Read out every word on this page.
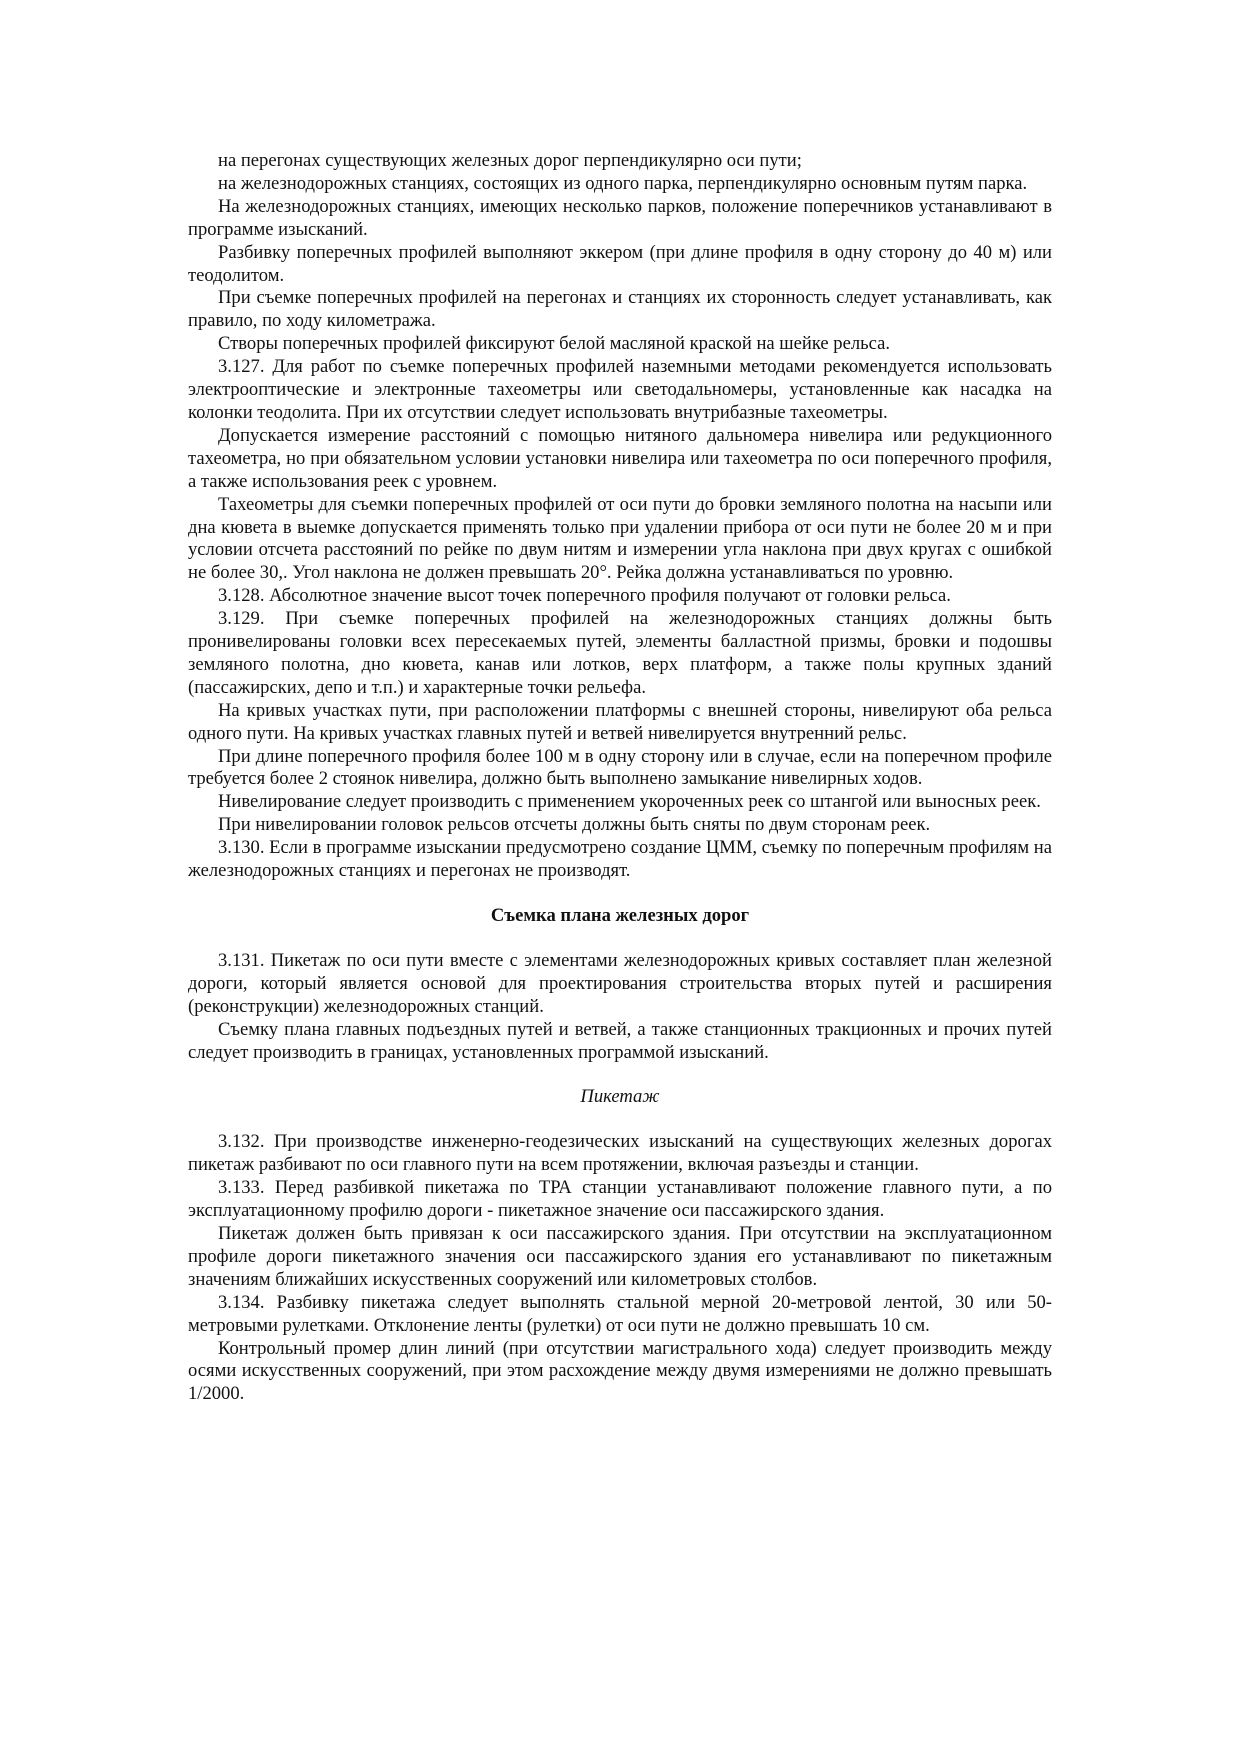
на перегонах существующих железных дорог перпендикулярно оси пути;

на железнодорожных станциях, состоящих из одного парка, перпендикулярно основным путям парка.

На железнодорожных станциях, имеющих несколько парков, положение поперечников устанавливают в программе изысканий.

Разбивку поперечных профилей выполняют эккером (при длине профиля в одну сторону до 40 м) или теодолитом.

При съемке поперечных профилей на перегонах и станциях их сторонность следует устанавливать, как правило, по ходу километража.

Створы поперечных профилей фиксируют белой масляной краской на шейке рельса.

3.127. Для работ по съемке поперечных профилей наземными методами рекомендуется использовать электрооптические и электронные тахеометры или светодальномеры, установленные как насадка на колонки теодолита. При их отсутствии следует использовать внутрибазные тахеометры.

Допускается измерение расстояний с помощью нитяного дальномера нивелира или редукционного тахеометра, но при обязательном условии установки нивелира или тахеометра по оси поперечного профиля, а также использования реек с уровнем.

Тахеометры для съемки поперечных профилей от оси пути до бровки земляного полотна на насыпи или дна кювета в выемке допускается применять только при удалении прибора от оси пути не более 20 м и при условии отсчета расстояний по рейке по двум нитям и измерении угла наклона при двух кругах с ошибкой не более 30,. Угол наклона не должен превышать 20°. Рейка должна устанавливаться по уровню.

3.128. Абсолютное значение высот точек поперечного профиля получают от головки рельса.

3.129. При съемке поперечных профилей на железнодорожных станциях должны быть пронивелированы головки всех пересекаемых путей, элементы балластной призмы, бровки и подошвы земляного полотна, дно кювета, канав или лотков, верх платформ, а также полы крупных зданий (пассажирских, депо и т.п.) и характерные точки рельефа.

На кривых участках пути, при расположении платформы с внешней стороны, нивелируют оба рельса одного пути. На кривых участках главных путей и ветвей нивелируется внутренний рельс.

При длине поперечного профиля более 100 м в одну сторону или в случае, если на поперечном профиле требуется более 2 стоянок нивелира, должно быть выполнено замыкание нивелирных ходов.

Нивелирование следует производить с применением укороченных реек со штангой или выносных реек.

При нивелировании головок рельсов отсчеты должны быть сняты по двум сторонам реек.

3.130. Если в программе изыскании предусмотрено создание ЦММ, съемку по поперечным профилям на железнодорожных станциях и перегонах не производят.

Съемка плана железных дорог

3.131. Пикетаж по оси пути вместе с элементами железнодорожных кривых составляет план железной дороги, который является основой для проектирования строительства вторых путей и расширения (реконструкции) железнодорожных станций.

Съемку плана главных подъездных путей и ветвей, а также станционных тракционных и прочих путей следует производить в границах, установленных программой изысканий.

Пикетаж

3.132. При производстве инженерно-геодезических изысканий на существующих железных дорогах пикетаж разбивают по оси главного пути на всем протяжении, включая разъезды и станции.

3.133. Перед разбивкой пикетажа по ТРА станции устанавливают положение главного пути, а по эксплуатационному профилю дороги - пикетажное значение оси пассажирского здания.

Пикетаж должен быть привязан к оси пассажирского здания. При отсутствии на эксплуатационном профиле дороги пикетажного значения оси пассажирского здания его устанавливают по пикетажным значениям ближайших искусственных сооружений или километровых столбов.

3.134. Разбивку пикетажа следует выполнять стальной мерной 20-метровой лентой, 30 или 50-метровыми рулетками. Отклонение ленты (рулетки) от оси пути не должно превышать 10 см.

Контрольный промер длин линий (при отсутствии магистрального хода) следует производить между осями искусственных сооружений, при этом расхождение между двумя измерениями не должно превышать 1/2000.
